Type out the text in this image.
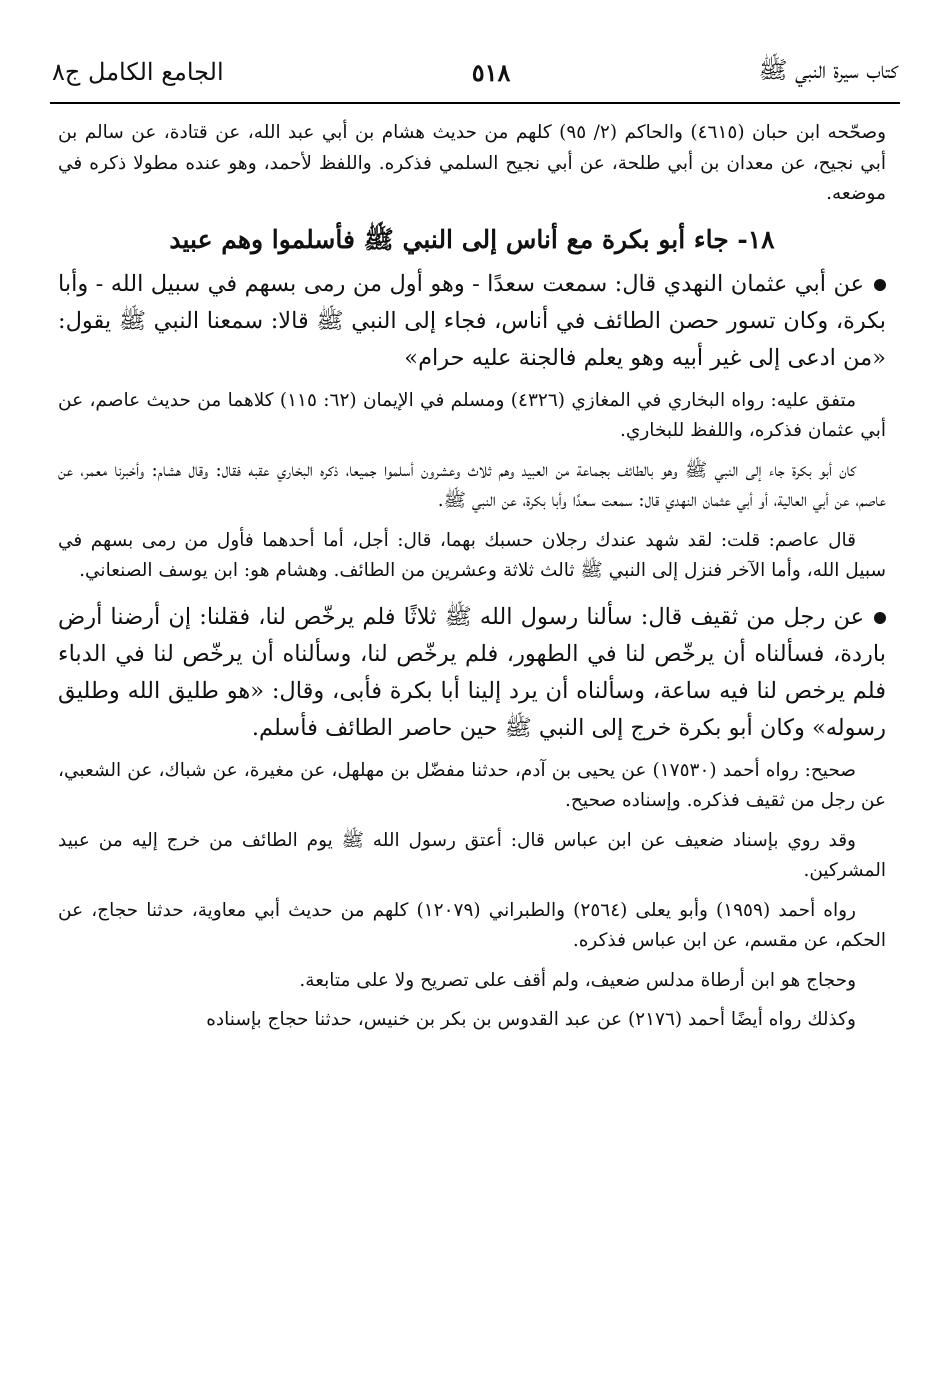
كتاب سيرة النبي ﷺ
٥١٨
الجامع الكامل ج٨

وصحّحه ابن حبان (٤٦١٥) والحاكم (٢/ ٩٥) كلهم من حديث هشام بن أبي عبد الله، عن قتادة، عن سالم بن أبي نجيح، عن معدان بن أبي طلحة، عن أبي نجيح السلمي فذكره. واللفظ لأحمد، وهو عنده مطولا ذكره في موضعه.

١٨- جاء أبو بكرة مع أناس إلى النبي ﷺ فأسلموا وهم عبيد

عن أبي عثمان النهدي قال: سمعت سعدًا - وهو أول من رمى بسهم في سبيل الله - وأبا بكرة، وكان تسور حصن الطائف في أناس، فجاء إلى النبي ﷺ قالا: سمعنا النبي ﷺ يقول: «من ادعى إلى غير أبيه وهو يعلم فالجنة عليه حرام»

متفق عليه: رواه البخاري في المغازي (٤٣٢٦) ومسلم في الإيمان (٦٢: ١١٥) كلاهما من حديث عاصم، عن أبي عثمان فذكره، واللفظ للبخاري.

كان أبو بكرة جاء إلى النبي ﷺ وهو بالطائف بجماعة من العبيد وهم ثلاث وعشرون أسلموا جميعا، ذكره البخاري عقبه فقال: وقال هشام: وأخبرنا معمر، عن عاصم، عن أبي العالية، أو أبي عثمان النهدي قال: سمعت سعدًا وأبا بكرة، عن النبي ﷺ.

قال عاصم: قلت: لقد شهد عندك رجلان حسبك بهما، قال: أجل، أما أحدهما فأول من رمى بسهم في سبيل الله، وأما الآخر فنزل إلى النبي ﷺ ثالث ثلاثة وعشرين من الطائف. وهشام هو: ابن يوسف الصنعاني.

عن رجل من ثقيف قال: سألنا رسول الله ﷺ ثلاثًا فلم يرخّص لنا، فقلنا: إن أرضنا أرض باردة، فسألناه أن يرخّص لنا في الطهور، فلم يرخّص لنا، وسألناه أن يرخّص لنا في الدباء فلم يرخص لنا فيه ساعة، وسألناه أن يرد إلينا أبا بكرة فأبى، وقال: «هو طليق الله وطليق رسوله» وكان أبو بكرة خرج إلى النبي ﷺ حين حاصر الطائف فأسلم.

صحيح: رواه أحمد (١٧٥٣٠) عن يحيى بن آدم، حدثنا مفضّل بن مهلهل، عن مغيرة، عن شباك، عن الشعبي، عن رجل من ثقيف فذكره. وإسناده صحيح.

وقد روي بإسناد ضعيف عن ابن عباس قال: أعتق رسول الله ﷺ يوم الطائف من خرج إليه من عبيد المشركين.

رواه أحمد (١٩٥٩) وأبو يعلى (٢٥٦٤) والطبراني (١٢٠٧٩) كلهم من حديث أبي معاوية، حدثنا حجاج، عن الحكم، عن مقسم، عن ابن عباس فذكره.

وحجاج هو ابن أرطاة مدلس ضعيف، ولم أقف على تصريح ولا على متابعة.

وكذلك رواه أيضًا أحمد (٢١٧٦) عن عبد القدوس بن بكر بن خنيس، حدثنا حجاج بإسناده
